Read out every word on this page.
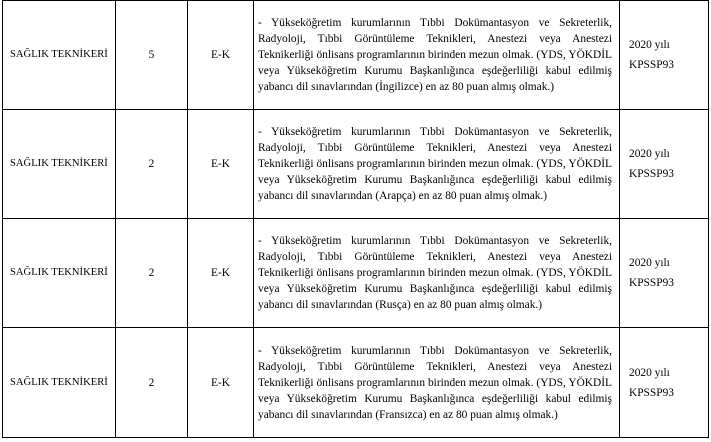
SAĞLIK TEKNİKERİ	5	E-K	- Yükseköğretim kurumlarının Tıbbi Dokümantasyon ve Sekreterlik, Radyoloji, Tıbbi Görüntüleme Teknikleri, Anestezi veya Anestezi Teknikerliği önlisans programlarının birinden mezun olmak. (YDS, YÖKDİL veya Yükseköğretim Kurumu Başkanlığınca eşdeğerliliği kabul edilmiş yabancı dil sınavlarından (İngilizce) en az 80 puan almış olmak.)	2020 yılı
KPSSP93

SAĞLIK TEKNİKERİ	2	E-K	- Yükseköğretim kurumlarının Tıbbi Dokümantasyon ve Sekreterlik, Radyoloji, Tıbbi Görüntüleme Teknikleri, Anestezi veya Anestezi Teknikerliği önlisans programlarının birinden mezun olmak. (YDS, YÖKDİL veya Yükseköğretim Kurumu Başkanlığınca eşdeğerliliği kabul edilmiş yabancı dil sınavlarından (Arapça) en az 80 puan almış olmak.)	2020 yılı
KPSSP93

SAĞLIK TEKNİKERİ	2	E-K	- Yükseköğretim kurumlarının Tıbbi Dokümantasyon ve Sekreterlik, Radyoloji, Tıbbi Görüntüleme Teknikleri, Anestezi veya Anestezi Teknikerliği önlisans programlarının birinden mezun olmak. (YDS, YÖKDİL veya Yükseköğretim Kurumu Başkanlığınca eşdeğerliliği kabul edilmiş yabancı dil sınavlarından (Rusça) en az 80 puan almış olmak.)	2020 yılı
KPSSP93

SAĞLIK TEKNİKERİ	2	E-K	- Yükseköğretim kurumlarının Tıbbi Dokümantasyon ve Sekreterlik, Radyoloji, Tıbbi Görüntüleme Teknikleri, Anestezi veya Anestezi Teknikerliği önlisans programlarının birinden mezun olmak. (YDS, YÖKDİL veya Yükseköğretim Kurumu Başkanlığınca eşdeğerliliği kabul edilmiş yabancı dil sınavlarından (Fransızca) en az 80 puan almış olmak.)	2020 yılı
KPSSP93
